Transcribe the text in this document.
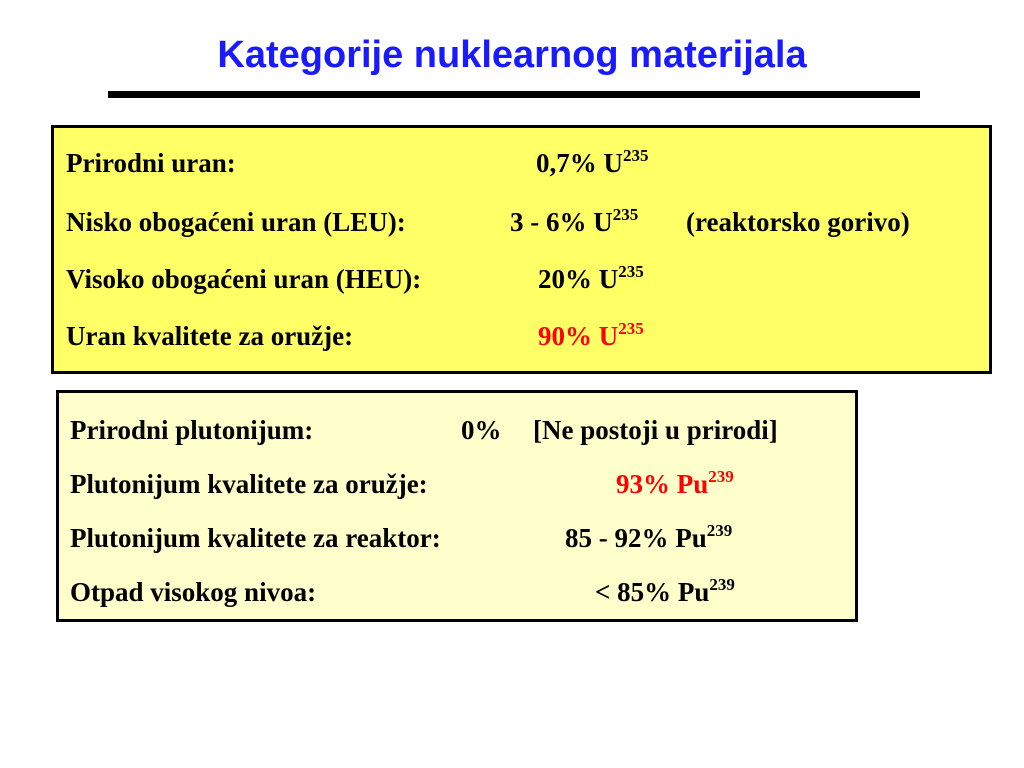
Kategorije nuklearnog materijala
Prirodni uran:	0,7% $U^{235}$
Nisko obogaćeni uran (LEU):	3 - 6% $U^{235}$ (reaktorsko gorivo)
Visoko obogaćeni uran (HEU):	20% $U^{235}$
Uran kvalitete za oružje:	90% $U^{235}$
Prirodni plutonijum:	0% [Ne postoji u prirodi]
Plutonijum kvalitete za oružje:	93% Pu$^{239}$
Plutonijum kvalitete za reaktor:	85 - 92% Pu$^{239}$
Otpad visokog nivoa:	< 85% Pu$^{239}$
